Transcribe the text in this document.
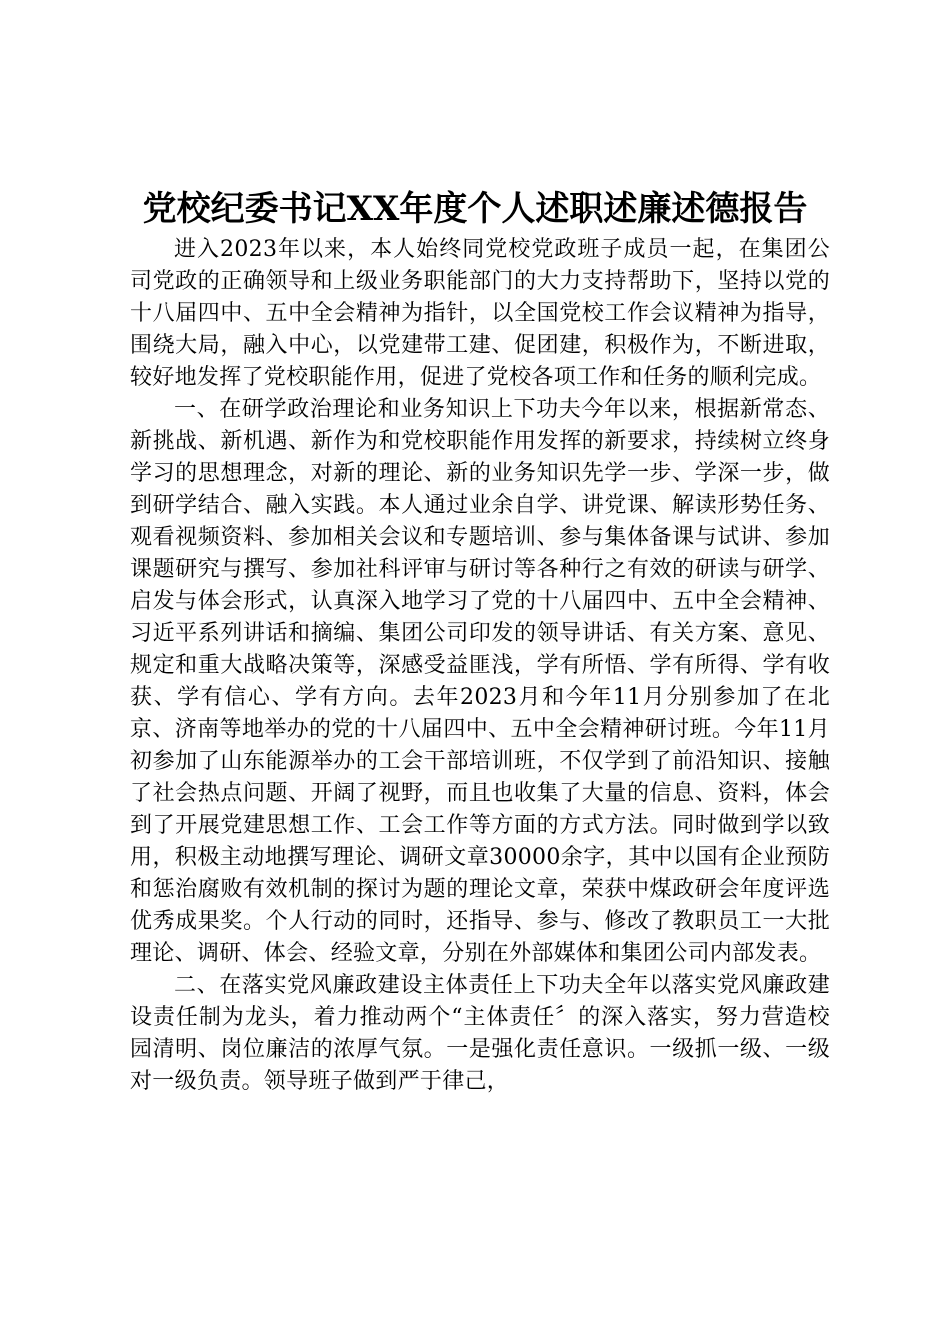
党校纪委书记XX年度个人述职述廉述德报告

进入2023年以来，本人始终同党校党政班子成员一起，在集团公司党政的正确领导和上级业务职能部门的大力支持帮助下，坚持以党的十八届四中、五中全会精神为指针，以全国党校工作会议精神为指导，围绕大局，融入中心，以党建带工建、促团建，积极作为，不断进取，较好地发挥了党校职能作用，促进了党校各项工作和任务的顺利完成。

一、在研学政治理论和业务知识上下功夫今年以来，根据新常态、新挑战、新机遇、新作为和党校职能作用发挥的新要求，持续树立终身学习的思想理念，对新的理论、新的业务知识先学一步、学深一步，做到研学结合、融入实践。本人通过业余自学、讲党课、解读形势任务、观看视频资料、参加相关会议和专题培训、参与集体备课与试讲、参加课题研究与撰写、参加社科评审与研讨等各种行之有效的研读与研学、启发与体会形式，认真深入地学习了党的十八届四中、五中全会精神、习近平系列讲话和摘编、集团公司印发的领导讲话、有关方案、意见、规定和重大战略决策等，深感受益匪浅，学有所悟、学有所得、学有收获、学有信心、学有方向。去年2023月和今年11月分别参加了在北京、济南等地举办的党的十八届四中、五中全会精神研讨班。今年11月初参加了山东能源举办的工会干部培训班，不仅学到了前沿知识、接触了社会热点问题、开阔了视野，而且也收集了大量的信息、资料，体会到了开展党建思想工作、工会工作等方面的方式方法。同时做到学以致用，积极主动地撰写理论、调研文章30000余字，其中以国有企业预防和惩治腐败有效机制的探讨为题的理论文章，荣获中煤政研会年度评选优秀成果奖。个人行动的同时，还指导、参与、修改了教职员工一大批理论、调研、体会、经验文章，分别在外部媒体和集团公司内部发表。

二、在落实党风廉政建设主体责任上下功夫全年以落实党风廉政建设责任制为龙头，着力推动两个“主体责任〞的深入落实，努力营造校园清明、岗位廉洁的浓厚气氛。一是强化责任意识。一级抓一级、一级对一级负责。领导班子做到严于律己，
